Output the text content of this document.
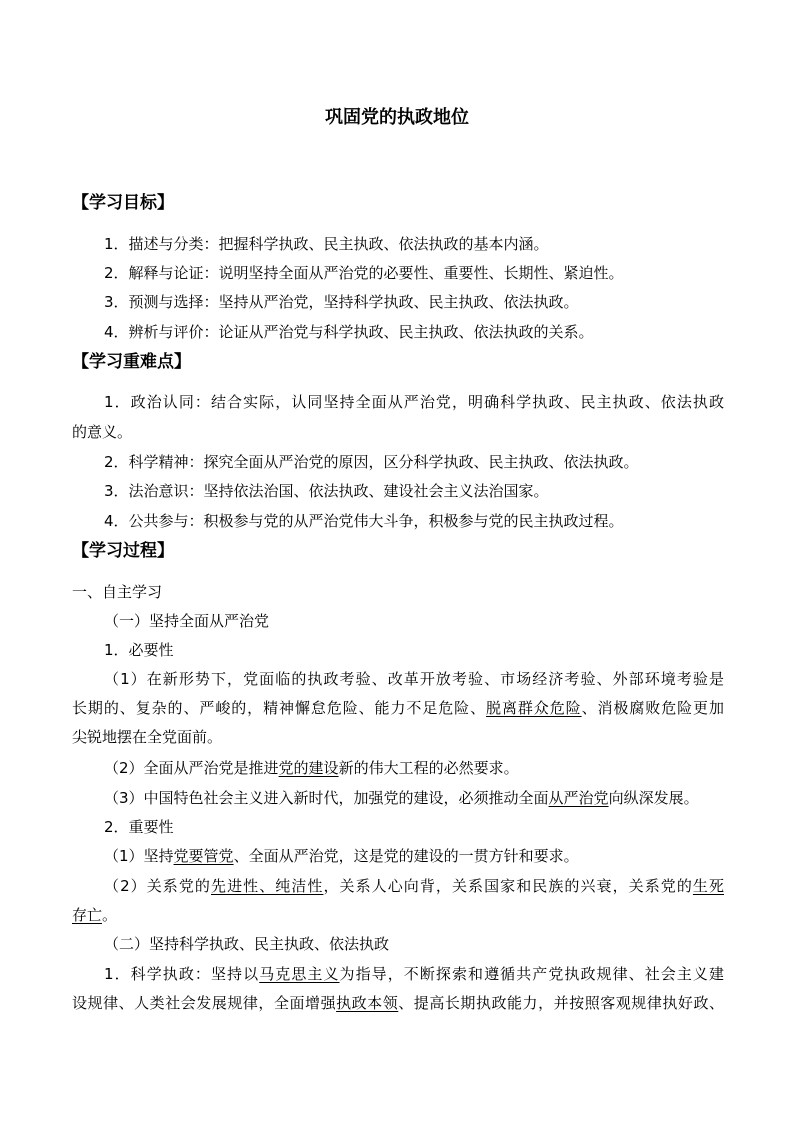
巩固党的执政地位
【学习目标】
1．描述与分类：把握科学执政、民主执政、依法执政的基本内涵。
2．解释与论证：说明坚持全面从严治党的必要性、重要性、长期性、紧迫性。
3．预测与选择：坚持从严治党，坚持科学执政、民主执政、依法执政。
4．辨析与评价：论证从严治党与科学执政、民主执政、依法执政的关系。
【学习重难点】
1．政治认同：结合实际，认同坚持全面从严治党，明确科学执政、民主执政、依法执政
的意义。
2．科学精神：探究全面从严治党的原因，区分科学执政、民主执政、依法执政。
3．法治意识：坚持依法治国、依法执政、建设社会主义法治国家。
4．公共参与：积极参与党的从严治党伟大斗争，积极参与党的民主执政过程。
【学习过程】
一、自主学习
（一）坚持全面从严治党
1．必要性
（1）在新形势下，党面临的执政考验、改革开放考验、市场经济考验、外部环境考验是
长期的、复杂的、严峻的，精神懈怠危险、能力不足危险、脱离群众危险、消极腐败危险更加
尖锐地摆在全党面前。
（2）全面从严治党是推进党的建设新的伟大工程的必然要求。
（3）中国特色社会主义进入新时代，加强党的建设，必须推动全面从严治党向纵深发展。
2．重要性
（1）坚持党要管党、全面从严治党，这是党的建设的一贯方针和要求。
（2）关系党的先进性、纯洁性，关系人心向背，关系国家和民族的兴衰，关系党的生死
存亡。
（二）坚持科学执政、民主执政、依法执政
1．科学执政：坚持以马克思主义为指导，不断探索和遵循共产党执政规律、社会主义建
设规律、人类社会发展规律，全面增强执政本领、提高长期执政能力，并按照客观规律执好政、
